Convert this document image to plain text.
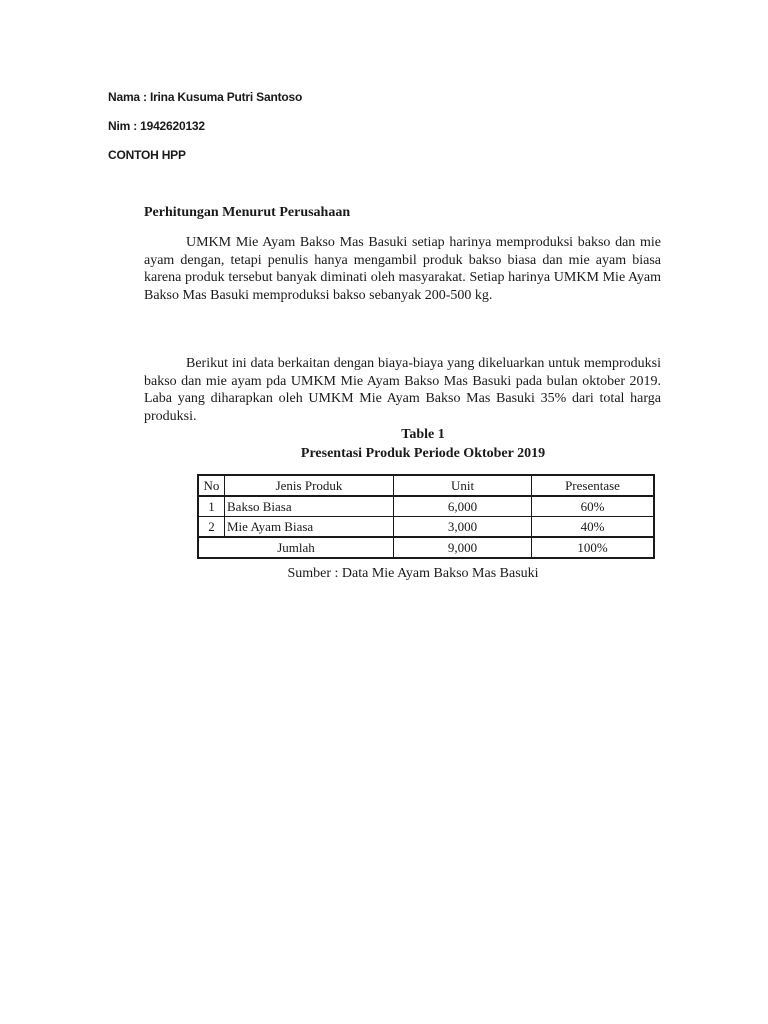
Nama : Irina Kusuma Putri Santoso
Nim : 1942620132
CONTOH HPP
Perhitungan Menurut Perusahaan

UMKM Mie Ayam Bakso Mas Basuki setiap harinya memproduksi bakso dan mie ayam dengan, tetapi penulis hanya mengambil produk bakso biasa dan mie ayam biasa karena produk tersebut banyak diminati oleh masyarakat. Setiap harinya UMKM Mie Ayam Bakso Mas Basuki memproduksi bakso sebanyak 200-500 kg.

Berikut ini data berkaitan dengan biaya-biaya yang dikeluarkan untuk memproduksi bakso dan mie ayam pda UMKM Mie Ayam Bakso Mas Basuki pada bulan oktober 2019. Laba yang diharapkan oleh UMKM Mie Ayam Bakso Mas Basuki 35% dari total harga produksi.

Table 1
Presentasi Produk Periode Oktober 2019
No	Jenis Produk	Unit	Presentase
1	Bakso Biasa	6,000	60%
2	Mie Ayam Biasa	3,000	40%
Jumlah		9,000	100%
Sumber : Data Mie Ayam Bakso Mas Basuki
